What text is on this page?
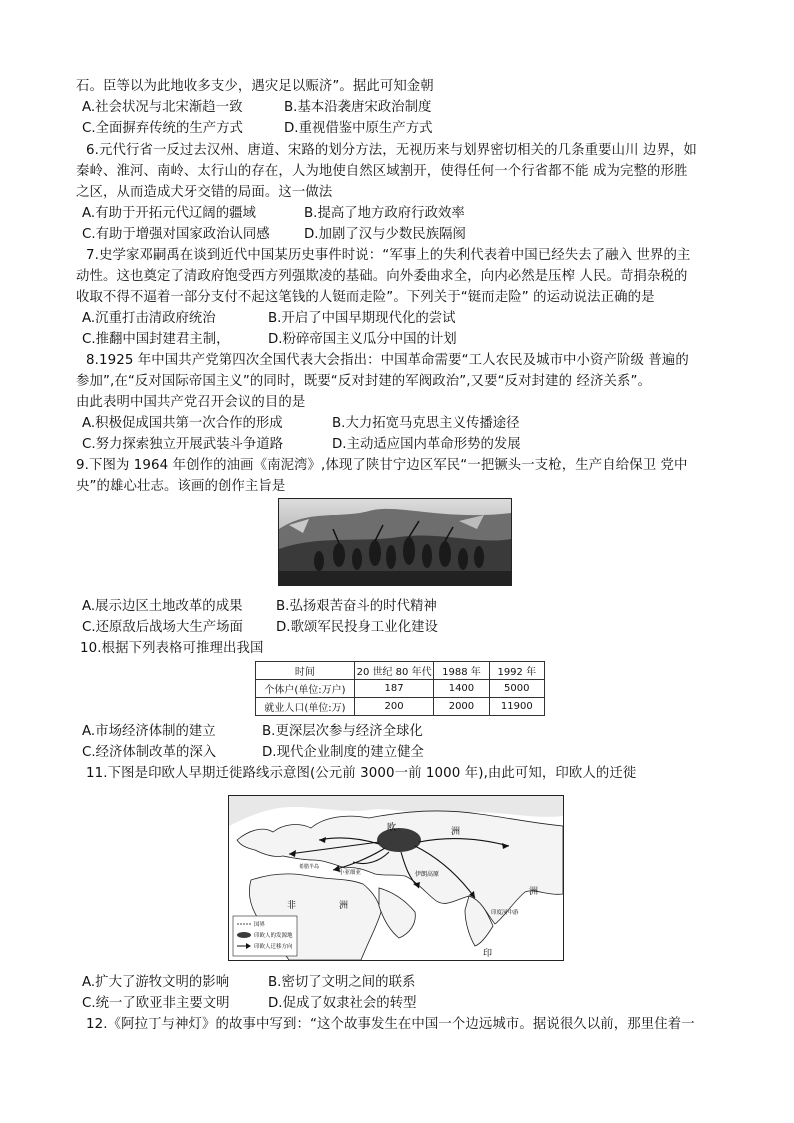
石。臣等以为此地收多支少，遇灾足以赈济”。据此可知金朝
A.社会状况与北宋渐趋一致	B.基本沿袭唐宋政治制度
C.全面摒弃传统的生产方式	D.重视借鉴中原生产方式
6.元代行省一反过去汉州、唐道、宋路的划分方法，无视历来与划界密切相关的几条重要山川 边界，如
秦岭、淮河、南岭、太行山的存在，人为地使自然区域割开，使得任何一个行省都不能 成为完整的形胜
之区，从而造成犬牙交错的局面。这一做法
A.有助于开拓元代辽阔的疆域	B.提高了地方政府行政效率
C.有助于增强对国家政治认同感	D.加剧了汉与少数民族隔阂
7.史学家邓嗣禹在谈到近代中国某历史事件时说：“军事上的失利代表着中国已经失去了融入 世界的主
动性。这也奠定了清政府饱受西方列强欺凌的基础。向外委曲求全，向内必然是压榨 人民。苛捐杂税的
收取不得不逼着一部分支付不起这笔钱的人铤而走险”。下列关于“铤而走险” 的运动说法正确的是
A.沉重打击清政府统治	B.开启了中国早期现代化的尝试
C.推翻中国封建君主制，	D.粉碎帝国主义瓜分中国的计划
8.1925 年中国共产党第四次全国代表大会指出：中国革命需要“工人农民及城市中小资产阶级 普遍的
参加”,在“反对国际帝国主义”的同时，既要“反对封建的军阀政治”,又要“反对封建的 经济关系”。
由此表明中国共产党召开会议的目的是
A.积极促成国共第一次合作的形成	B.大力拓宽马克思主义传播途径
C.努力探索独立开展武装斗争道路	D.主动适应国内革命形势的发展
9.下图为 1964 年创作的油画《南泥湾》,体现了陕甘宁边区军民“一把镢头一支枪，生产自给保卫 党中
央”的雄心壮志。该画的创作主旨是
A.展示边区土地改革的成果	B.弘扬艰苦奋斗的时代精神
C.还原敌后战场大生产场面 D.歌颂军民投身工业化建设
10.根据下列表格可推理出我国
时间	20 世纪 80 年代	1988 年	1992 年
个体户(单位:万户)	187	1400	5000
就业人口(单位:万)	200	2000	11900
A.市场经济体制的建立	B.更深层次参与经济全球化
C.经济体制改革的深入	D.现代企业制度的建立健全
11.下图是印欧人早期迁徙路线示意图(公元前 3000一前 1000 年),由此可知，印欧人的迁徙
欧	洲
洲
非	洲
伊朗高原
小亚细亚
印度河中游
希腊半岛
印
国界
印欧人的发源地
印欧人迁移方向
A.扩大了游牧文明的影响	B.密切了文明之间的联系
C.统一了欧亚非主要文明	D.促成了奴隶社会的转型
12.《阿拉丁与神灯》的故事中写到：“这个故事发生在中国一个边远城市。据说很久以前，那里住着一
